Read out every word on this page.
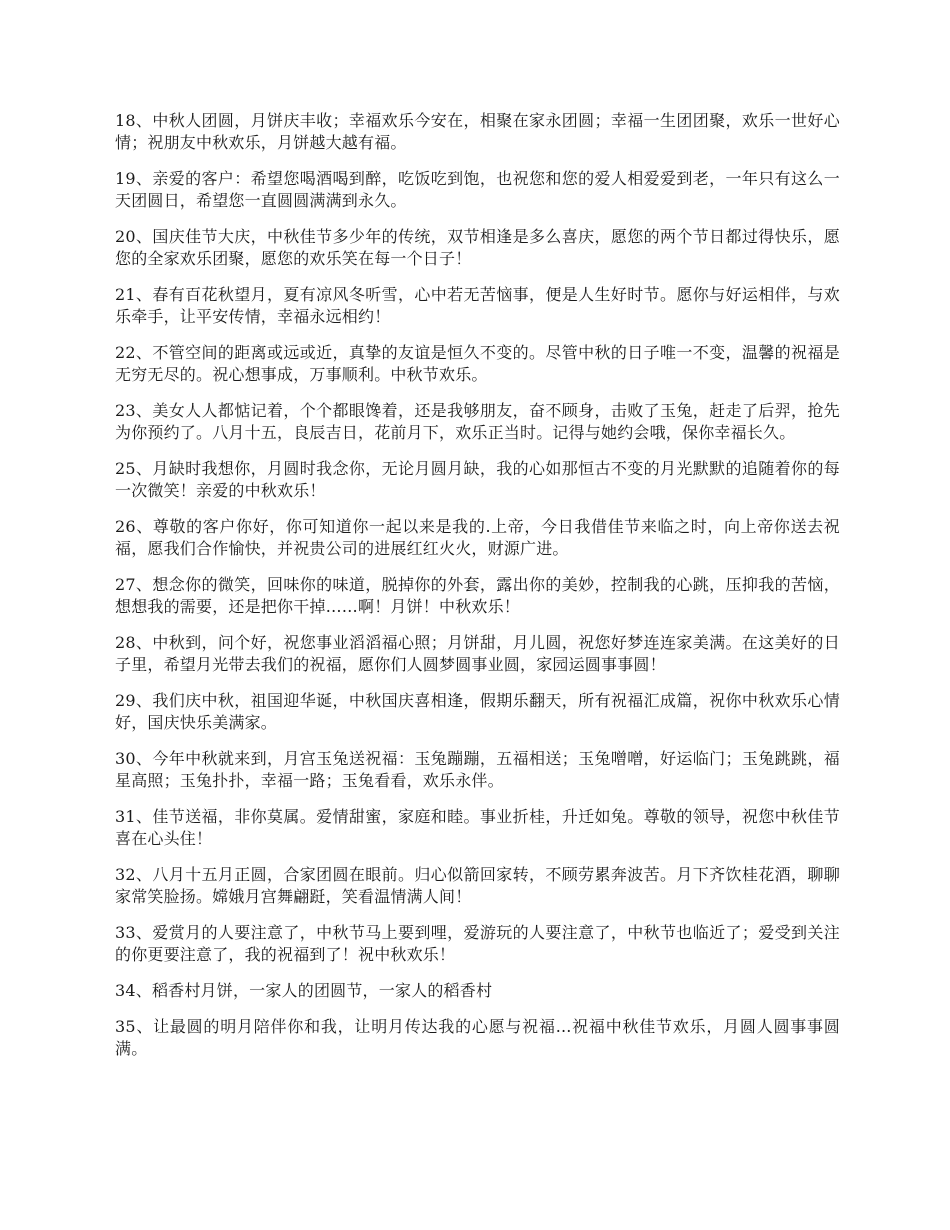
18、中秋人团圆，月饼庆丰收；幸福欢乐今安在，相聚在家永团圆；幸福一生团团聚，欢乐一世好心情；祝朋友中秋欢乐，月饼越大越有福。

19、亲爱的客户：希望您喝酒喝到醉，吃饭吃到饱，也祝您和您的爱人相爱爱到老，一年只有这么一天团圆日，希望您一直圆圆满满到永久。

20、国庆佳节大庆，中秋佳节多少年的传统，双节相逢是多么喜庆，愿您的两个节日都过得快乐，愿您的全家欢乐团聚，愿您的欢乐笑在每一个日子！

21、春有百花秋望月，夏有凉风冬听雪，心中若无苦恼事，便是人生好时节。愿你与好运相伴，与欢乐牵手，让平安传情，幸福永远相约！

22、不管空间的距离或远或近，真挚的友谊是恒久不变的。尽管中秋的日子唯一不变，温馨的祝福是无穷无尽的。祝心想事成，万事顺利。中秋节欢乐。

23、美女人人都惦记着，个个都眼馋着，还是我够朋友，奋不顾身，击败了玉兔，赶走了后羿，抢先为你预约了。八月十五，良辰吉日，花前月下，欢乐正当时。记得与她约会哦，保你幸福长久。

25、月缺时我想你，月圆时我念你，无论月圆月缺，我的心如那恒古不变的月光默默的追随着你的每一次微笑！亲爱的中秋欢乐！

26、尊敬的客户你好，你可知道你一起以来是我的.上帝，今日我借佳节来临之时，向上帝你送去祝福，愿我们合作愉快，并祝贵公司的进展红红火火，财源广进。

27、想念你的微笑，回味你的味道，脱掉你的外套，露出你的美妙，控制我的心跳，压抑我的苦恼，想想我的需要，还是把你干掉……啊！月饼！中秋欢乐！

28、中秋到，问个好，祝您事业滔滔福心照；月饼甜，月儿圆，祝您好梦连连家美满。在这美好的日子里，希望月光带去我们的祝福，愿你们人圆梦圆事业圆，家园运圆事事圆！

29、我们庆中秋，祖国迎华诞，中秋国庆喜相逢，假期乐翻天，所有祝福汇成篇，祝你中秋欢乐心情好，国庆快乐美满家。

30、今年中秋就来到，月宫玉兔送祝福：玉兔蹦蹦，五福相送；玉兔噌噌，好运临门；玉兔跳跳，福星高照；玉兔扑扑，幸福一路；玉兔看看，欢乐永伴。

31、佳节送福，非你莫属。爱情甜蜜，家庭和睦。事业折桂，升迁如兔。尊敬的领导，祝您中秋佳节喜在心头住！

32、八月十五月正圆，合家团圆在眼前。归心似箭回家转，不顾劳累奔波苦。月下齐饮桂花酒，聊聊家常笑脸扬。嫦娥月宫舞翩跹，笑看温情满人间！

33、爱赏月的人要注意了，中秋节马上要到哩，爱游玩的人要注意了，中秋节也临近了；爱受到关注的你更要注意了，我的祝福到了！祝中秋欢乐！

34、稻香村月饼，一家人的团圆节，一家人的稻香村

35、让最圆的明月陪伴你和我，让明月传达我的心愿与祝福...祝福中秋佳节欢乐，月圆人圆事事圆满。
